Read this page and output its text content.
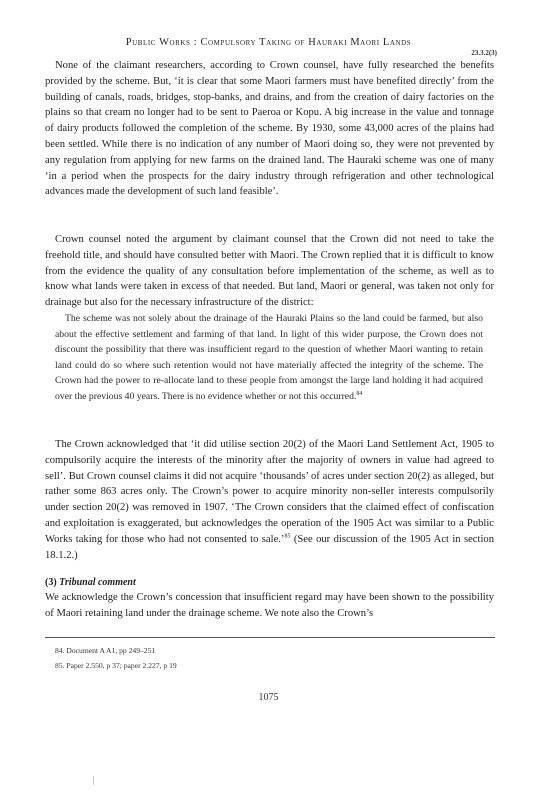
Public Works : Compulsory Taking of Hauraki Maori Lands
23.3.2(3)

None of the claimant researchers, according to Crown counsel, have fully researched the benefits provided by the scheme. But, ‘it is clear that some Maori farmers must have benefited directly’ from the building of canals, roads, bridges, stop-banks, and drains, and from the creation of dairy factories on the plains so that cream no longer had to be sent to Paeroa or Kopu. A big increase in the value and tonnage of dairy products followed the completion of the scheme. By 1930, some 43,000 acres of the plains had been settled. While there is no indication of any number of Maori doing so, they were not prevented by any regulation from applying for new farms on the drained land. The Hauraki scheme was one of many ‘in a period when the prospects for the dairy industry through refrigeration and other technological advances made the development of such land feasible’.

Crown counsel noted the argument by claimant counsel that the Crown did not need to take the freehold title, and should have consulted better with Maori. The Crown replied that it is difficult to know from the evidence the quality of any consultation before implementation of the scheme, as well as to know what lands were taken in excess of that needed. But land, Maori or general, was taken not only for drainage but also for the necessary infrastructure of the district:

The scheme was not solely about the drainage of the Hauraki Plains so the land could be farmed, but also about the effective settlement and farming of that land. In light of this wider purpose, the Crown does not discount the possibility that there was insufficient regard to the question of whether Maori wanting to retain land could do so where such retention would not have materially affected the integrity of the scheme. The Crown had the power to re-allocate land to these people from amongst the large land holding it had acquired over the previous 40 years. There is no evidence whether or not this occurred.$^{84}$

The Crown acknowledged that ‘it did utilise section 20(2) of the Maori Land Settlement Act, 1905 to compulsorily acquire the interests of the minority after the majority of owners in value had agreed to sell’. But Crown counsel claims it did not acquire ‘thousands’ of acres under section 20(2) as alleged, but rather some 863 acres only. The Crown’s power to acquire minority non-seller interests compulsorily under section 20(2) was removed in 1907. ‘The Crown considers that the claimed effect of confiscation and exploitation is exaggerated, but acknowledges the operation of the 1905 Act was similar to a Public Works taking for those who had not consented to sale.’$^{85}$ (See our discussion of the 1905 Act in section 18.1.2.)

(3) Tribunal comment

We acknowledge the Crown’s concession that insufficient regard may have been shown to the possibility of Maori retaining land under the drainage scheme. We note also the Crown’s

84. Document A A1, pp 249–251
85. Paper 2.550, p 37; paper 2.227, p 19
1075
